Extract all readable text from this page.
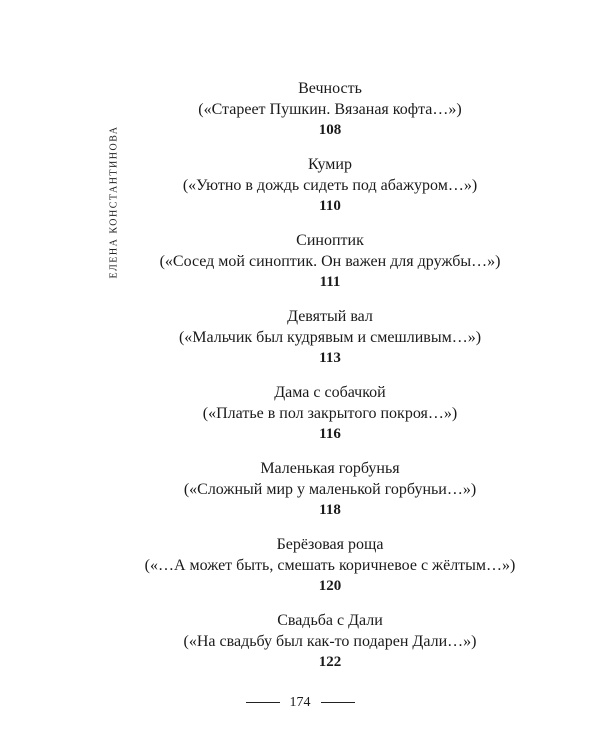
ЕЛЕНА КОНСТАНТИНОВА
Вечность
(«Стареет Пушкин. Вязаная кофта…»)
108
Кумир
(«Уютно в дождь сидеть под абажуром…»)
110
Синоптик
(«Сосед мой синоптик. Он важен для дружбы…»)
111
Девятый вал
(«Мальчик был кудрявым и смешливым…»)
113
Дама с собачкой
(«Платье в пол закрытого покроя…»)
116
Маленькая горбунья
(«Сложный мир у маленькой горбуньи…»)
118
Берёзовая роща
(«…А может быть, смешать коричневое с жёлтым…»)
120
Свадьба с Дали
(«На свадьбу был как-то подарен Дали…»)
122
174
